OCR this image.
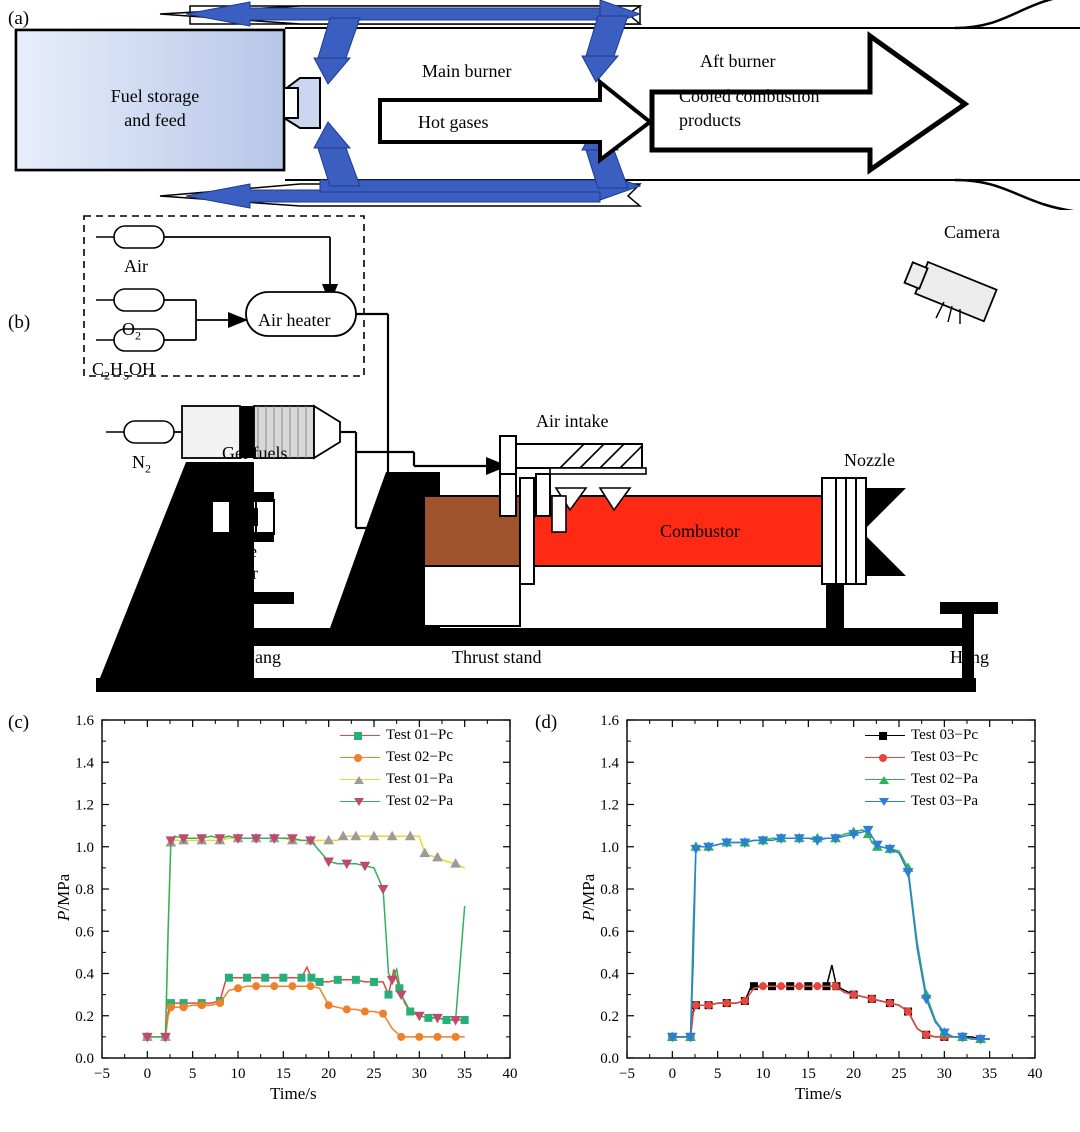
(a)
Fuel storage
and feed
Main burner
Hot gases
Aft burner
Cooled combustion
products
(b)
Air
$O_2$
$C_2H_5OH$
Air heater
$N_2$
Gel fuels
Force
sensor
Hang	Thrust stand	Hang
Air intake
Combustor
Nozzle
Camera
(c)
−5 0	5 10 15 20 25 30 35 40
0.0
0.2
0.4
0.6
0.8
1.0
1.2
1.4
1.6
Time/s
P/MPa
Test 01−Pc
Test 02−Pc
Test 01−Pa
Test 02−Pa
(d)
−5 0	5 10 15 20 25 30 35 40
0.0
0.2
0.4
0.6
0.8
1.0
1.2
1.4
1.6
Time/s
P/MPa
Test 03−Pc
Test 03−Pc
Test 02−Pa
Test 03−Pa
